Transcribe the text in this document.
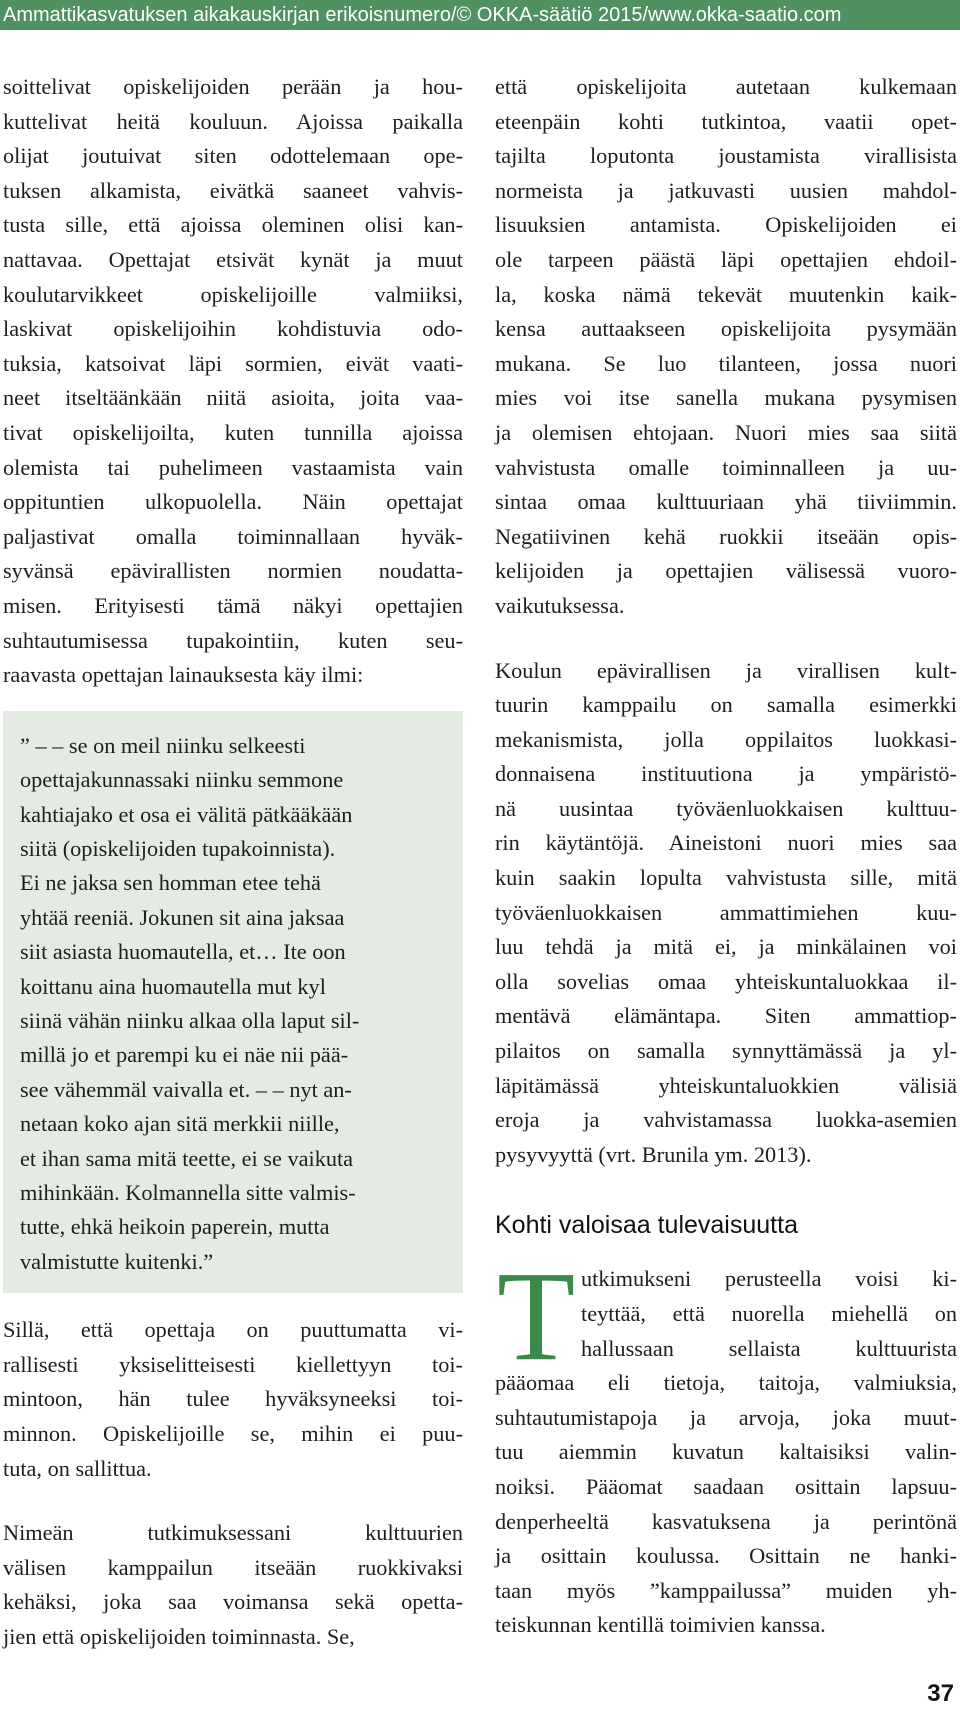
Ammattikasvatuksen aikakauskirjan erikoisnumero/© OKKA-säätiö 2015/www.okka-saatio.com
soittelivat opiskelijoiden perään ja hou-
kuttelivat heitä kouluun. Ajoissa paikalla
olijat joutuivat siten odottelemaan ope-
tuksen alkamista, eivätkä saaneet vahvis-
tusta sille, että ajoissa oleminen olisi kan-
nattavaa. Opettajat etsivät kynät ja muut
koulutarvikkeet opiskelijoille valmiiksi,
laskivat opiskelijoihin kohdistuvia odo-
tuksia, katsoivat läpi sormien, eivät vaati-
neet itseltäänkään niitä asioita, joita vaa-
tivat opiskelijoilta, kuten tunnilla ajoissa
olemista tai puhelimeen vastaamista vain
oppituntien ulkopuolella. Näin opettajat
paljastivat omalla toiminnallaan hyväk-
syvänsä epävirallisten normien noudatta-
misen. Erityisesti tämä näkyi opettajien
suhtautumisessa tupakointiin, kuten seu-
raavasta opettajan lainauksesta käy ilmi:
” – – se on meil niinku selkeesti
opettajakunnassaki niinku semmone
kahtiajako et osa ei välitä pätkääkään
siitä (opiskelijoiden tupakoinnista).
Ei ne jaksa sen homman etee tehä
yhtää reeniä. Jokunen sit aina jaksaa
siit asiasta huomautella, et… Ite oon
koittanu aina huomautella mut kyl
siinä vähän niinku alkaa olla laput sil-
millä jo et parempi ku ei näe nii pää-
see vähemmäl vaivalla et. – – nyt an-
netaan koko ajan sitä merkkii niille,
et ihan sama mitä teette, ei se vaikuta
mihinkään. Kolmannella sitte valmis-
tutte, ehkä heikoin paperein, mutta
valmistutte kuitenki.”
Sillä, että opettaja on puuttumatta vi-
rallisesti yksiselitteisesti kiellettyyn toi-
mintoon, hän tulee hyväksyneeksi toi-
minnon. Opiskelijoille se, mihin ei puu-
tuta, on sallittua.
Nimeän tutkimuksessani kulttuurien
välisen kamppailun itseään ruokkivaksi
kehäksi, joka saa voimansa sekä opetta-
jien että opiskelijoiden toiminnasta. Se,
että opiskelijoita autetaan kulkemaan
eteenpäin kohti tutkintoa, vaatii opet-
tajilta loputonta joustamista virallisista
normeista ja jatkuvasti uusien mahdol-
lisuuksien antamista. Opiskelijoiden ei
ole tarpeen päästä läpi opettajien ehdoil-
la, koska nämä tekevät muutenkin kaik-
kensa auttaakseen opiskelijoita pysymään
mukana. Se luo tilanteen, jossa nuori
mies voi itse sanella mukana pysymisen
ja olemisen ehtojaan. Nuori mies saa siitä
vahvistusta omalle toiminnalleen ja uu-
sintaa omaa kulttuuriaan yhä tiiviimmin.
Negatiivinen kehä ruokkii itseään opis-
kelijoiden ja opettajien välisessä vuoro-
vaikutuksessa.
Koulun epävirallisen ja virallisen kult-
tuurin kamppailu on samalla esimerkki
mekanismista, jolla oppilaitos luokkasi-
donnaisena instituutiona ja ympäristö-
nä uusintaa työväenluokkaisen kulttuu-
rin käytäntöjä. Aineistoni nuori mies saa
kuin saakin lopulta vahvistusta sille, mitä
työväenluokkaisen ammattimiehen kuu-
luu tehdä ja mitä ei, ja minkälainen voi
olla sovelias omaa yhteiskuntaluokkaa il-
mentävä elämäntapa. Siten ammattiop-
pilaitos on samalla synnyttämässä ja yl-
läpitämässä yhteiskuntaluokkien välisiä
eroja ja vahvistamassa luokka-asemien
pysyvyyttä (vrt. Brunila ym. 2013).
Kohti valoisaa tulevaisuutta
T utkimukseni perusteella voisi ki-
teyttää, että nuorella miehellä on
hallussaan sellaista kulttuurista
pääomaa eli tietoja, taitoja, valmiuksia,
suhtautumistapoja ja arvoja, joka muut-
tuu aiemmin kuvatun kaltaisiksi valin-
noiksi. Pääomat saadaan osittain lapsuu-
denperheeltä kasvatuksena ja perintönä
ja osittain koulussa. Osittain ne hanki-
taan myös ”kamppailussa” muiden yh-
teiskunnan kentillä toimivien kanssa.
37
